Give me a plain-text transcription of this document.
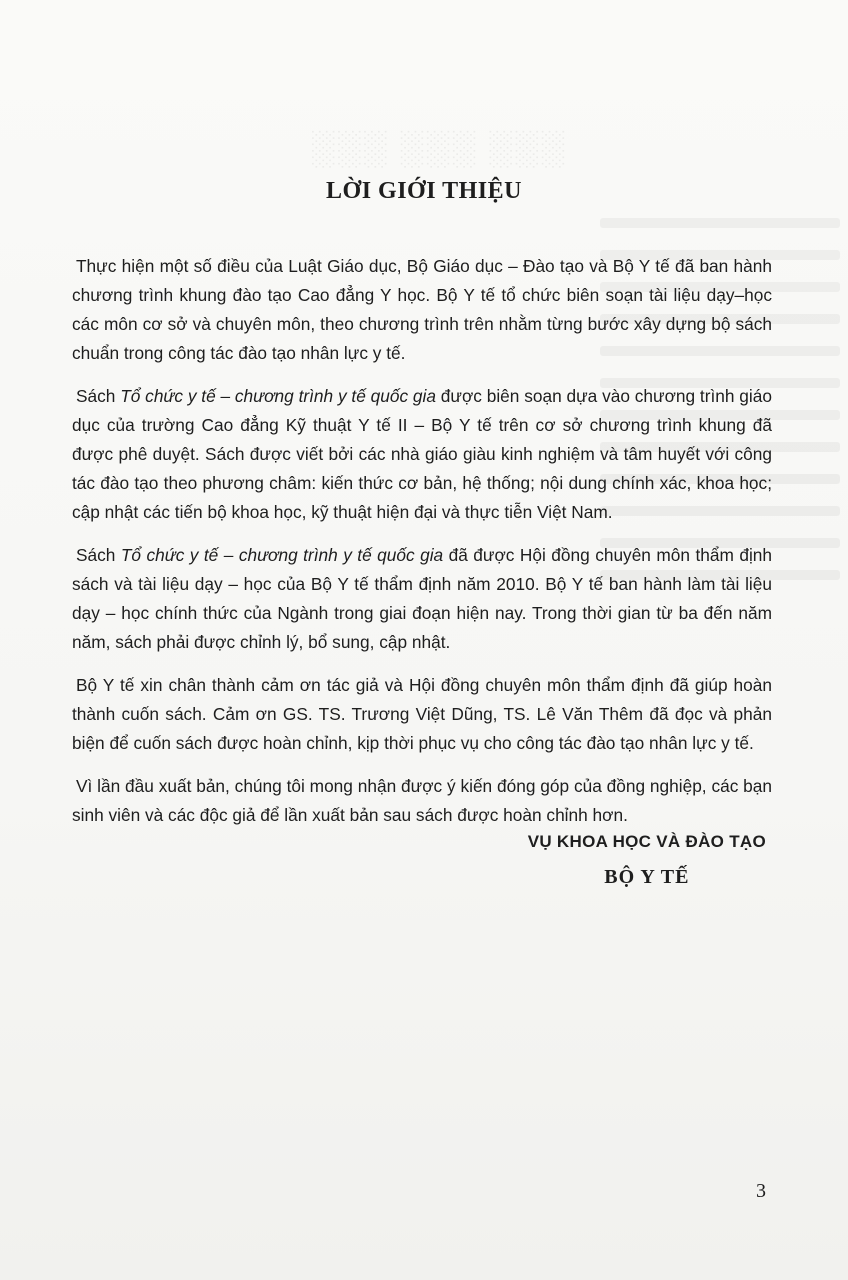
░░░ ░░░ ░░░
LỜI GIỚI THIỆU

Thực hiện một số điều của Luật Giáo dục, Bộ Giáo dục – Đào tạo và Bộ Y tế đã ban hành chương trình khung đào tạo Cao đẳng Y học. Bộ Y tế tổ chức biên soạn tài liệu dạy–học các môn cơ sở và chuyên môn, theo chương trình trên nhằm từng bước xây dựng bộ sách chuẩn trong công tác đào tạo nhân lực y tế.

Sách Tổ chức y tế – chương trình y tế quốc gia được biên soạn dựa vào chương trình giáo dục của trường Cao đẳng Kỹ thuật Y tế II – Bộ Y tế trên cơ sở chương trình khung đã được phê duyệt. Sách được viết bởi các nhà giáo giàu kinh nghiệm và tâm huyết với công tác đào tạo theo phương châm: kiến thức cơ bản, hệ thống; nội dung chính xác, khoa học; cập nhật các tiến bộ khoa học, kỹ thuật hiện đại và thực tiễn Việt Nam.

Sách Tổ chức y tế – chương trình y tế quốc gia đã được Hội đồng chuyên môn thẩm định sách và tài liệu dạy – học của Bộ Y tế thẩm định năm 2010. Bộ Y tế ban hành làm tài liệu dạy – học chính thức của Ngành trong giai đoạn hiện nay. Trong thời gian từ ba đến năm năm, sách phải được chỉnh lý, bổ sung, cập nhật.

Bộ Y tế xin chân thành cảm ơn tác giả và Hội đồng chuyên môn thẩm định đã giúp hoàn thành cuốn sách. Cảm ơn GS. TS. Trương Việt Dũng, TS. Lê Văn Thêm đã đọc và phản biện để cuốn sách được hoàn chỉnh, kịp thời phục vụ cho công tác đào tạo nhân lực y tế.

Vì lần đầu xuất bản, chúng tôi mong nhận được ý kiến đóng góp của đồng nghiệp, các bạn sinh viên và các độc giả để lần xuất bản sau sách được hoàn chỉnh hơn.

VỤ KHOA HỌC VÀ ĐÀO TẠO
BỘ Y TẾ
3
